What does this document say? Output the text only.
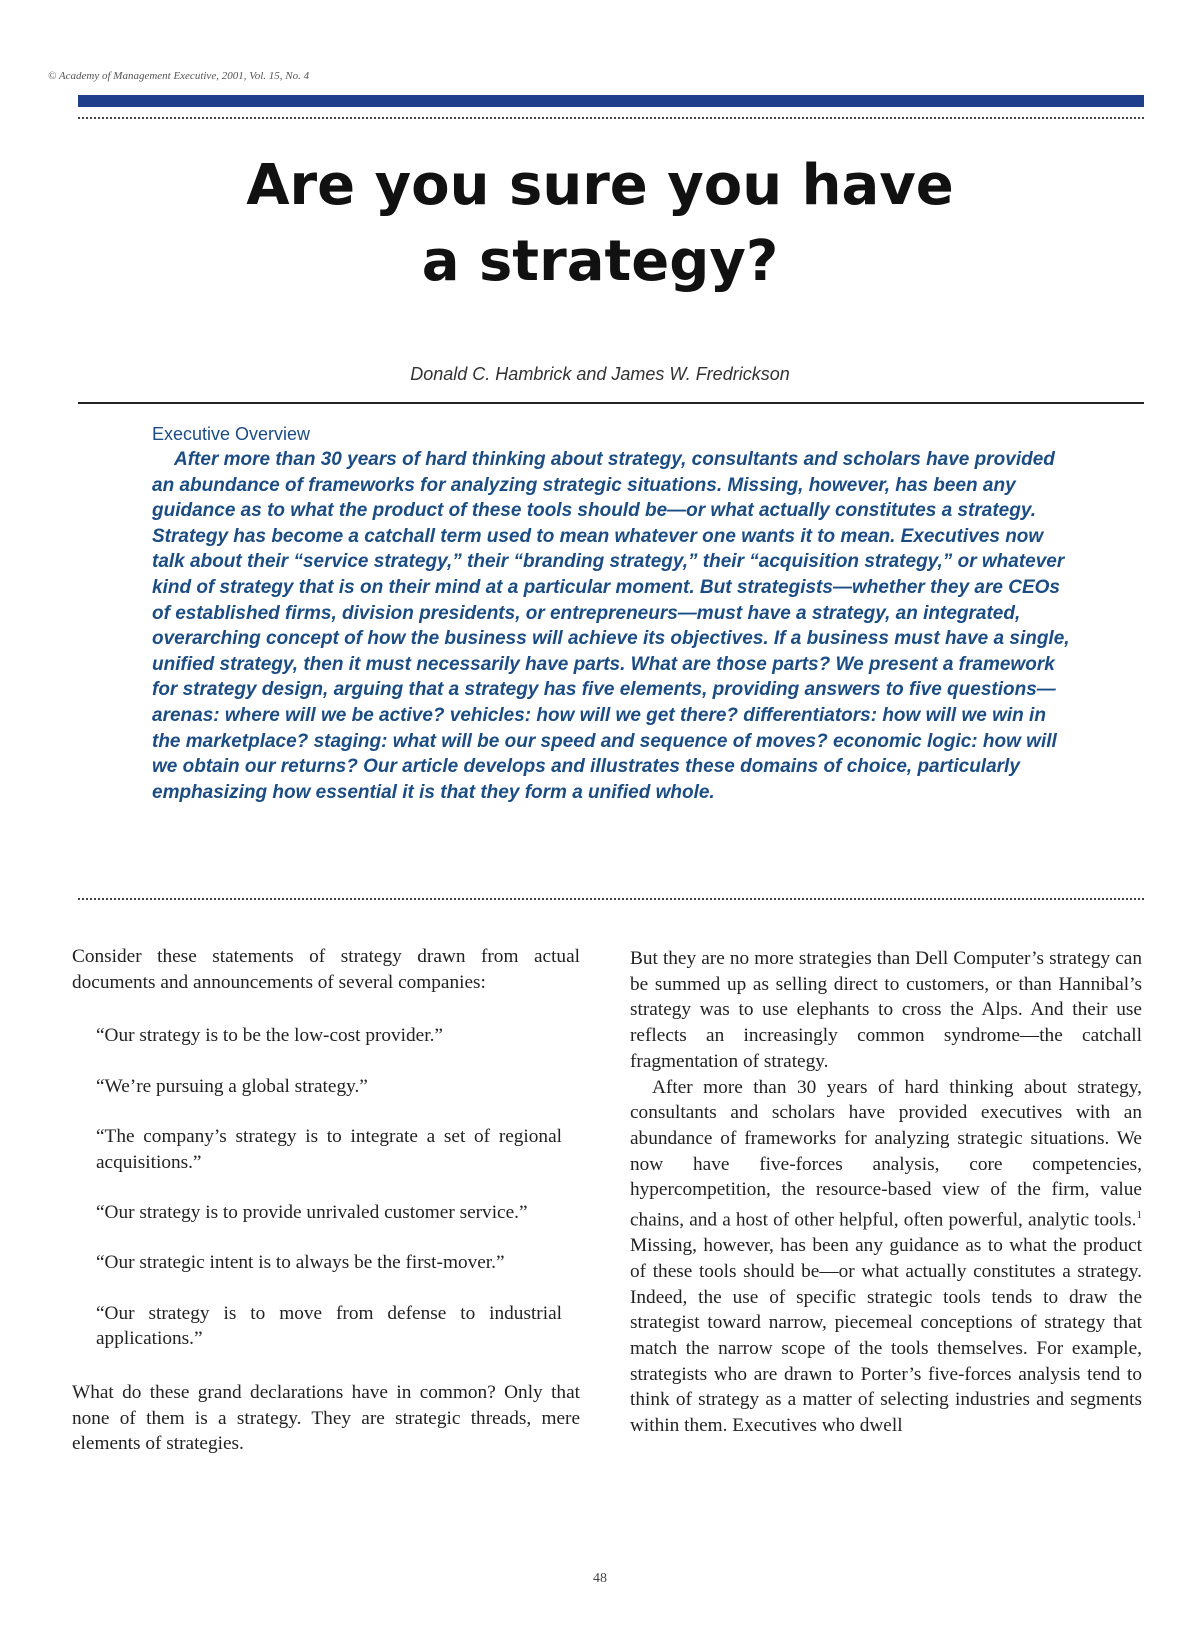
© Academy of Management Executive, 2001, Vol. 15, No. 4
Are you sure you have
a strategy?
Donald C. Hambrick and James W. Fredrickson
Executive Overview

After more than 30 years of hard thinking about strategy, consultants and scholars have provided an abundance of frameworks for analyzing strategic situations. Missing, however, has been any guidance as to what the product of these tools should be—or what actually constitutes a strategy. Strategy has become a catchall term used to mean whatever one wants it to mean. Executives now talk about their “service strategy,” their “branding strategy,” their “acquisition strategy,” or whatever kind of strategy that is on their mind at a particular moment. But strategists—whether they are CEOs of established firms, division presidents, or entrepreneurs—must have a strategy, an integrated, overarching concept of how the business will achieve its objectives. If a business must have a single, unified strategy, then it must necessarily have parts. What are those parts? We present a framework for strategy design, arguing that a strategy has five elements, providing answers to five questions—arenas: where will we be active? vehicles: how will we get there? differentiators: how will we win in the marketplace? staging: what will be our speed and sequence of moves? economic logic: how will we obtain our returns? Our article develops and illustrates these domains of choice, particularly emphasizing how essential it is that they form a unified whole.

Consider these statements of strategy drawn from actual documents and announcements of several companies:

“Our strategy is to be the low-cost provider.”

“We’re pursuing a global strategy.”

“The company’s strategy is to integrate a set of regional acquisitions.”

“Our strategy is to provide unrivaled customer service.”

“Our strategic intent is to always be the first-mover.”

“Our strategy is to move from defense to industrial applications.”

What do these grand declarations have in common? Only that none of them is a strategy. They are strategic threads, mere elements of strategies.

But they are no more strategies than Dell Computer’s strategy can be summed up as selling direct to customers, or than Hannibal’s strategy was to use elephants to cross the Alps. And their use reflects an increasingly common syndrome—the catchall fragmentation of strategy.

After more than 30 years of hard thinking about strategy, consultants and scholars have provided executives with an abundance of frameworks for analyzing strategic situations. We now have five-forces analysis, core competencies, hypercompetition, the resource-based view of the firm, value chains, and a host of other helpful, often powerful, analytic tools.$^1$ Missing, however, has been any guidance as to what the product of these tools should be—or what actually constitutes a strategy. Indeed, the use of specific strategic tools tends to draw the strategist toward narrow, piecemeal conceptions of strategy that match the narrow scope of the tools themselves. For example, strategists who are drawn to Porter’s five-forces analysis tend to think of strategy as a matter of selecting industries and segments within them. Executives who dwell

48
